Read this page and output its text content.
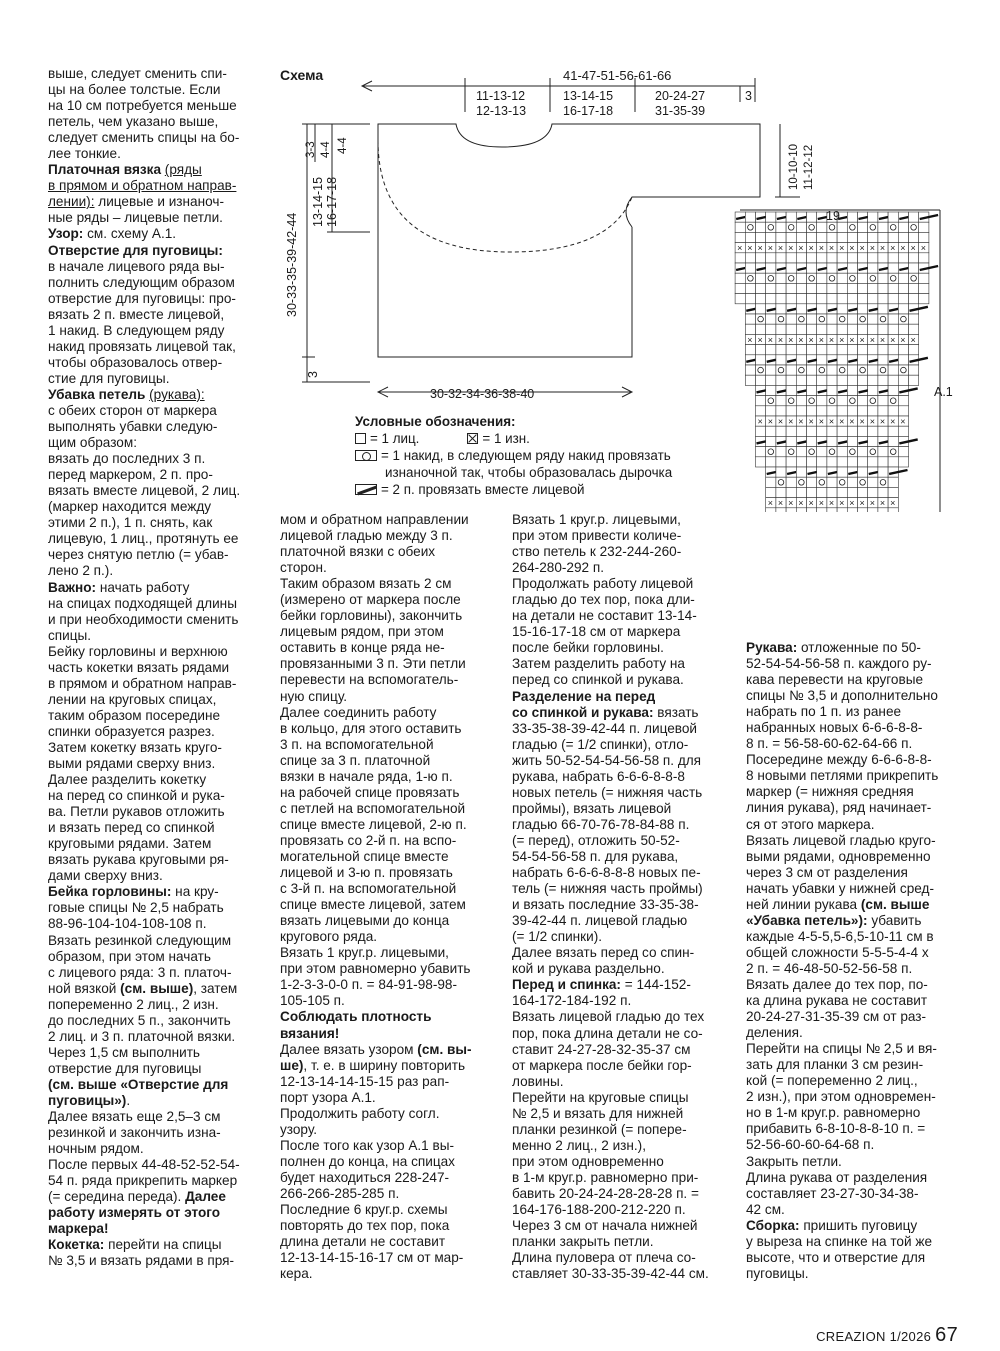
выше, следует сменить спи-

цы на более толстые. Если

на 10 см потребуется меньше

петель, чем указано выше,

следует сменить спицы на бо-

лее тонкие.

Платочная вязка (ряды

в прямом и обратном направ-

лении): лицевые и изнаноч-

ные ряды – лицевые петли.

Узор: см. схему А.1.

Отверстие для пуговицы:

в начале лицевого ряда вы-

полнить следующим образом

отверстие для пуговицы: про-

вязать 2 п. вместе лицевой,

1 накид. В следующем ряду

накид провязать лицевой так,

чтобы образовалось отвер-

стие для пуговицы.

Убавка петель (рукава):

с обеих сторон от маркера

выполнять убавки следую-

щим образом:

вязать до последних 3 п.

перед маркером, 2 п. про-

вязать вместе лицевой, 2 лиц.

(маркер находится между

этими 2 п.), 1 п. снять, как

лицевую, 1 лиц., протянуть ее

через снятую петлю (= убав-

лено 2 п.).

Важно: начать работу

на спицах подходящей длины

и при необходимости сменить

спицы.

Бейку горловины и верхнюю

часть кокетки вязать рядами

в прямом и обратном направ-

лении на круговых спицах,

таким образом посередине

спинки образуется разрез.

Затем кокетку вязать круго-

выми рядами сверху вниз.

Далее разделить кокетку

на перед со спинкой и рука-

ва. Петли рукавов отложить

и вязать перед со спинкой

круговыми рядами. Затем

вязать рукава круговыми ря-

дами сверху вниз.

Бейка горловины: на кру-

говые спицы № 2,5 набрать

88-96-104-104-108-108 п.

Вязать резинкой следующим

образом, при этом начать

с лицевого ряда: 3 п. платоч-

ной вязкой (см. выше), затем

попеременно 2 лиц., 2 изн.

до последних 5 п., закончить

2 лиц. и 3 п. платочной вязки.

Через 1,5 см выполнить

отверстие для пуговицы

(см. выше «Отверстие для

пуговицы»).

Далее вязать еще 2,5–3 см

резинкой и закончить изна-

ночным рядом.

После первых 44-48-52-52-54-

54 п. ряда прикрепить маркер

(= середина переда). Далее

работу измерять от этого

маркера!

Кокетка: перейти на спицы

№ 3,5 и вязать рядами в пря-

мом и обратном направлении

лицевой гладью между 3 п.

платочной вязки с обеих

сторон.

Таким образом вязать 2 см

(измерено от маркера после

бейки горловины), закончить

лицевым рядом, при этом

оставить в конце ряда не-

провязанными 3 п. Эти петли

перевести на вспомогатель-

ную спицу.

Далее соединить работу

в кольцо, для этого оставить

3 п. на вспомогательной

спице за 3 п. платочной

вязки в начале ряда, 1-ю п.

на рабочей спице провязать

с петлей на вспомогательной

спице вместе лицевой, 2-ю п.

провязать со 2-й п. на вспо-

могательной спице вместе

лицевой и 3-ю п. провязать

с 3-й п. на вспомогательной

спице вместе лицевой, затем

вязать лицевыми до конца

кругового ряда.

Вязать 1 круг.р. лицевыми,

при этом равномерно убавить

1-2-3-3-0-0 п. = 84-91-98-98-

105-105 п.

Соблюдать плотность

вязания!

Далее вязать узором (см. вы-

ше), т. е. в ширину повторить

12-13-14-14-15-15 раз рап-

порт узора А.1.

Продолжить работу согл.

узору.

После того как узор А.1 вы-

полнен до конца, на спицах

будет находиться 228-247-

266-266-285-285 п.

Последние 6 круг.р. схемы

повторять до тех пор, пока

длина детали не составит

12-13-14-15-16-17 см от мар-

кера.

Вязать 1 круг.р. лицевыми,

при этом привести количе-

ство петель к 232-244-260-

264-280-292 п.

Продолжать работу лицевой

гладью до тех пор, пока дли-

на детали не составит 13-14-

15-16-17-18 см от маркера

после бейки горловины.

Затем разделить работу на

перед со спинкой и рукава.

Разделение на перед

со спинкой и рукава: вязать

33-35-38-39-42-44 п. лицевой

гладью (= 1/2 спинки), отло-

жить 50-52-54-54-56-58 п. для

рукава, набрать 6-6-6-8-8-8

новых петель (= нижняя часть

проймы), вязать лицевой

гладью 66-70-76-78-84-88 п.

(= перед), отложить 50-52-

54-54-56-58 п. для рукава,

набрать 6-6-6-8-8-8 новых пе-

тель (= нижняя часть проймы)

и вязать последние 33-35-38-

39-42-44 п. лицевой гладью

(= 1/2 спинки).

Далее вязать перед со спин-

кой и рукава раздельно.

Перед и спинка: = 144-152-

164-172-184-192 п.

Вязать лицевой гладью до тех

пор, пока длина детали не со-

ставит 24-27-28-32-35-37 см

от маркера после бейки гор-

ловины.

Перейти на круговые спицы

№ 2,5 и вязать для нижней

планки резинкой (= попере-

менно 2 лиц., 2 изн.),

при этом одновременно

в 1-м круг.р. равномерно при-

бавить 20-24-24-28-28-28 п. =

164-176-188-200-212-220 п.

Через 3 см от начала нижней

планки закрыть петли.

Длина пуловера от плеча со-

ставляет 30-33-35-39-42-44 см.

Рукава: отложенные по 50-

52-54-54-56-58 п. каждого ру-

кава перевести на круговые

спицы № 3,5 и дополнительно

набрать по 1 п. из ранее

набранных новых 6-6-6-8-8-

8 п. = 56-58-60-62-64-66 п.

Посередине между 6-6-6-8-8-

8 новыми петлями прикрепить

маркер (= нижняя средняя

линия рукава), ряд начинает-

ся от этого маркера.

Вязать лицевой гладью круго-

выми рядами, одновременно

через 3 см от разделения

начать убавки у нижней сред-

ней линии рукава (см. выше

«Убавка петель»): убавить

каждые 4-5-5,5-6,5-10-11 см в

общей сложности 5-5-5-4-4 х

2 п. = 46-48-50-52-56-58 п.

Вязать далее до тех пор, по-

ка длина рукава не составит

20-24-27-31-35-39 см от раз-

деления.

Перейти на спицы № 2,5 и вя-

зать для планки 3 см резин-

кой (= попеременно 2 лиц.,

2 изн.), при этом одновремен-

но в 1-м круг.р. равномерно

прибавить 6-8-10-8-8-10 п. =

52-56-60-60-64-68 п.

Закрыть петли.

Длина рукава от разделения

составляет 23-27-30-34-38-

42 см.

Сборка: пришить пуговицу

у выреза на спинке на той же

высоте, что и отверстие для

пуговицы.

Схема	41-47-51-56-61-66
11-13-12
12-13-13
13-14-15
16-17-18
20-24-27
31-35-39
3
30-33-35-39-42-44
3
13-14-15 16-17-18
3-3 4-4 4-4	10-10-10 11-12-12
30-32-34-36-38-40
× × × × × × × × × × × × × × × × × × ×
× × × × × × × × × × × × × × × × ×
× × × × × × × × × × × × × × ×
× × × × × × × × × × × × ×
19
A.1
Условные обозначения:
= 1 лиц.	= 1 изн.
= 1 накид, в следующем ряду накид провязать
изнаночной так, чтобы образовалась дырочка
= 2 п. провязать вместе лицевой
CREAZION 1/2026 67
